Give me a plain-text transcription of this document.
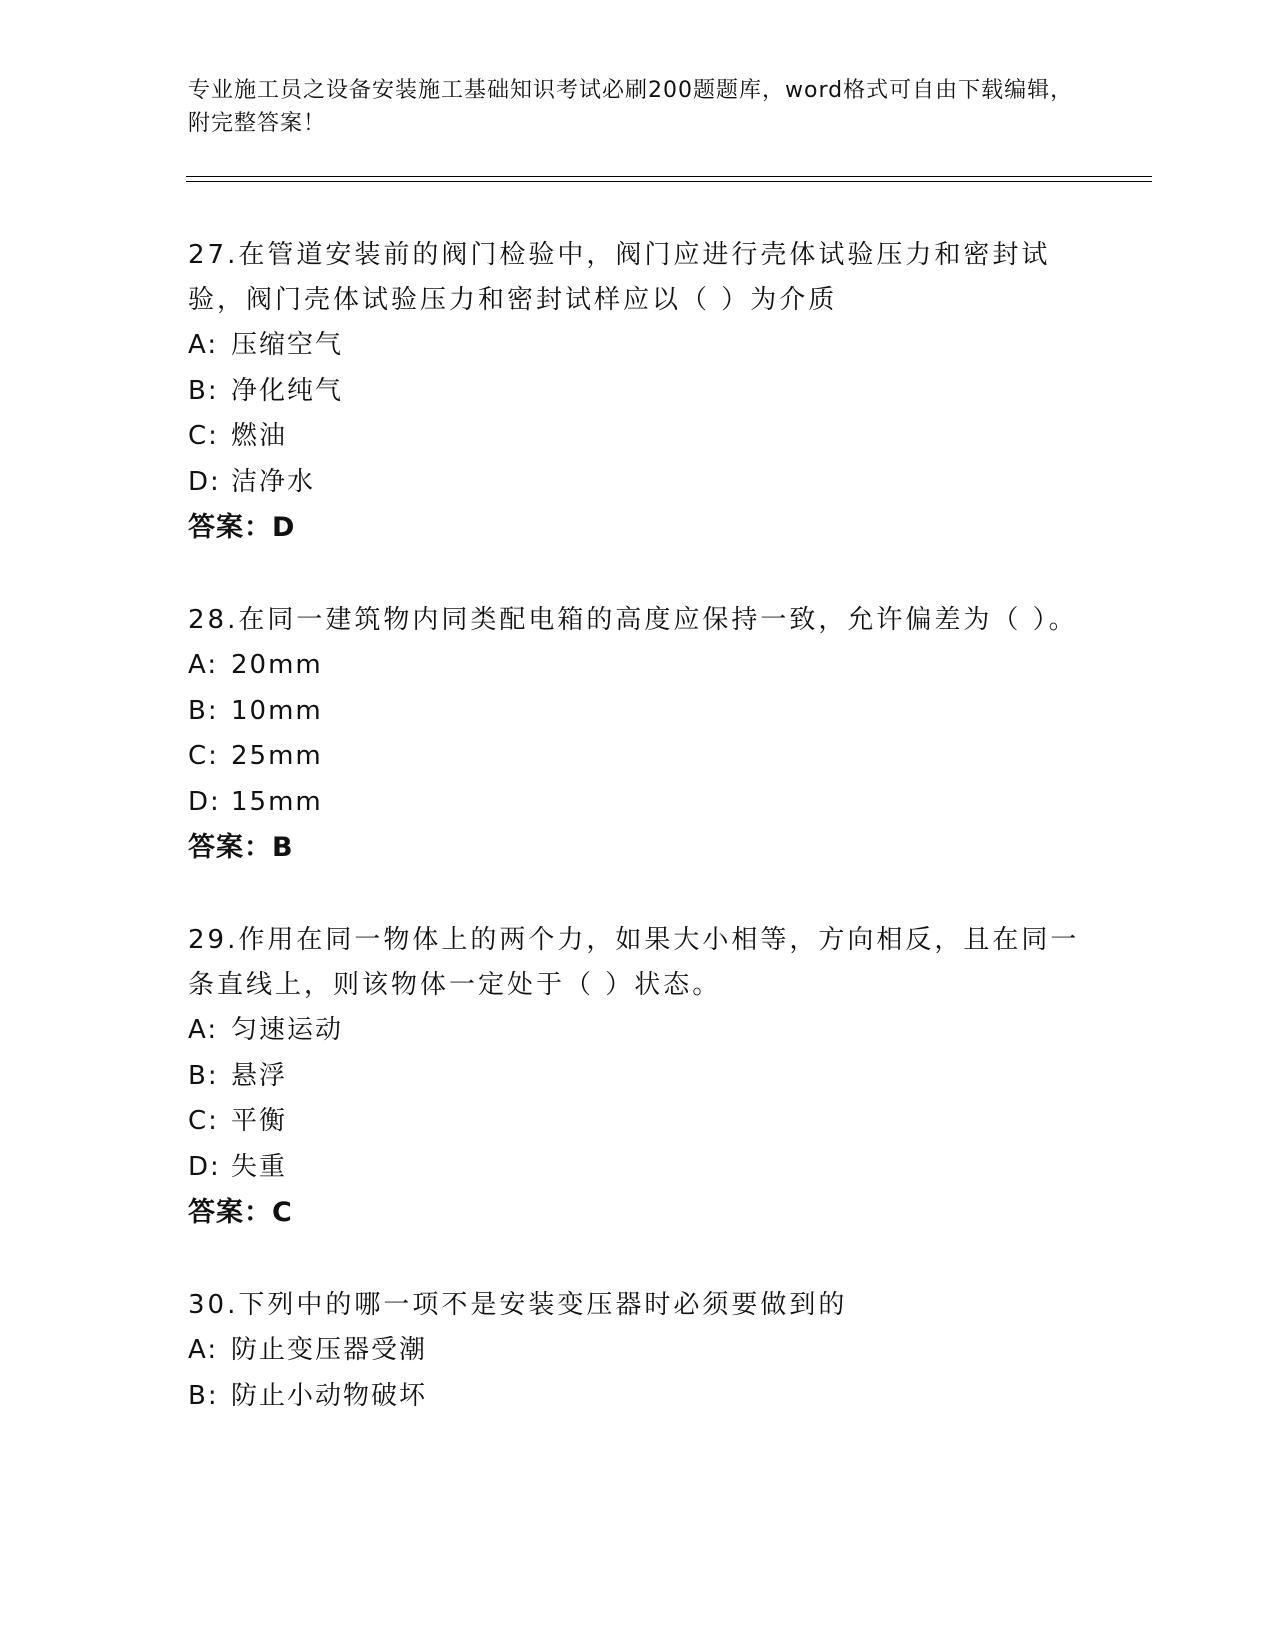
专业施工员之设备安装施工基础知识考试必刷200题题库，word格式可自由下载编辑，附完整答案！
27.在管道安装前的阀门检验中，阀门应进行壳体试验压力和密封试验，阀门壳体试验压力和密封试样应以（ ）为介质
A: 压缩空气
B: 净化纯气
C: 燃油
D: 洁净水
答案：D
28.在同一建筑物内同类配电箱的高度应保持一致，允许偏差为（ ）。
A: 20mm
B: 10mm
C: 25mm
D: 15mm
答案：B
29.作用在同一物体上的两个力，如果大小相等，方向相反，且在同一条直线上，则该物体一定处于（ ）状态。
A: 匀速运动
B: 悬浮
C: 平衡
D: 失重
答案：C
30.下列中的哪一项不是安装变压器时必须要做到的
A: 防止变压器受潮
B: 防止小动物破坏
